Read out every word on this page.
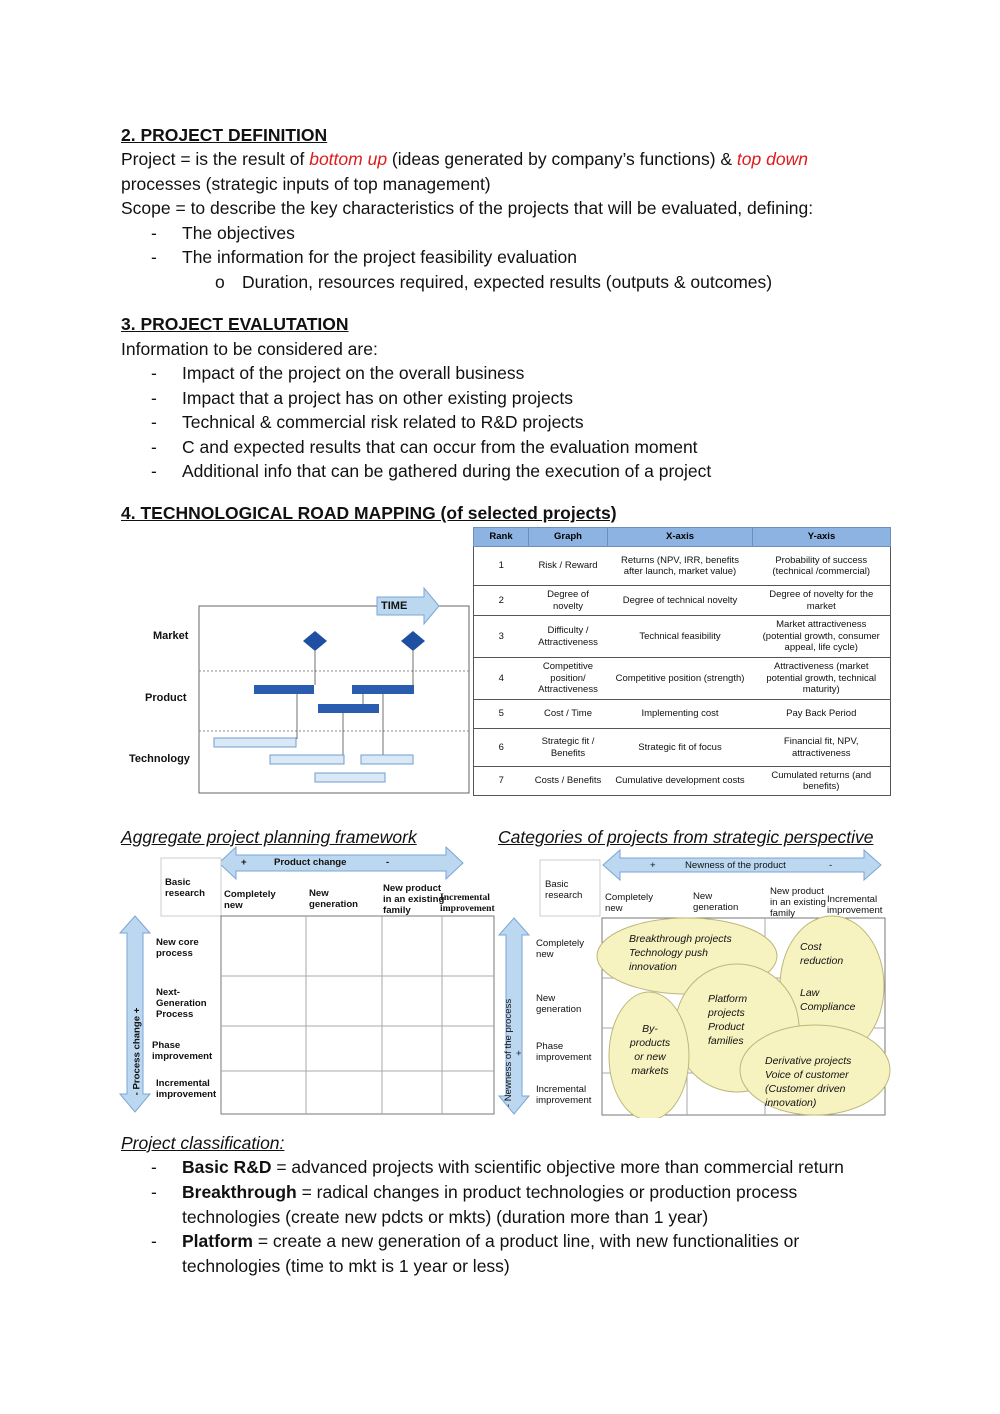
2. PROJECT DEFINITION
Project = is the result of bottom up (ideas generated by company’s functions) & top down
processes (strategic inputs of top management)
Scope = to describe the key characteristics of the projects that will be evaluated, defining:
- The objectives
- The information for the project feasibility evaluation
o Duration, resources required, expected results (outputs & outcomes)
3. PROJECT EVALUTATION
Information to be considered are:
- Impact of the project on the overall business
- Impact that a project has on other existing projects
- Technical & commercial risk related to R&D projects
- C and expected results that can occur from the evaluation moment
- Additional info that can be gathered during the execution of a project
4. TECHNOLOGICAL ROAD MAPPING (of selected projects)
TIME
Market
Product
Technology
Rank	Graph	X-axis	Y-axis
1	Risk / Reward	Returns (NPV, IRR, benefits after launch, market value)	Probability of success (technical /commercial)
2	Degree of novelty	Degree of technical novelty	Degree of novelty for the market
3	Difficulty / Attractiveness	Technical feasibility	Market attractiveness (potential growth, consumer appeal, life cycle)
4	Competitive position/ Attractiveness	Competitive position (strength)	Attractiveness (market potential growth, technical maturity)
5	Cost / Time	Implementing cost	Pay Back Period
6	Strategic fit / Benefits	Strategic fit of focus	Financial fit, NPV, attractiveness
7	Costs / Benefits	Cumulative development costs	Cumulated returns (and benefits)
Aggregate project planning framework	Categories of projects from strategic perspective
+	Product change	-
Basic research	Completely new
New generation
New product in an existing family
Incremental improvement
New core process
Next-Generation Process
Phase improvement
Incremental improvement
- Process change +
+	Newness of the product	-
Basic research	Completely new
New generation
New product in an existing family
Incremental improvement
Completely new
New generation
Phase improvement
Incremental improvement
- Newness of the process +
Breakthrough projects Technology push innovation
Cost reduction
Law Compliance
Platform projects Product families
By- products or new markets
Derivative projects Voice of customer (Customer driven innovation)
Project classification:
- Basic R&D = advanced projects with scientific objective more than commercial return
- Breakthrough = radical changes in product technologies or production process
technologies (create new pdcts or mkts) (duration more than 1 year)
- Platform = create a new generation of a product line, with new functionalities or
technologies (time to mkt is 1 year or less)
